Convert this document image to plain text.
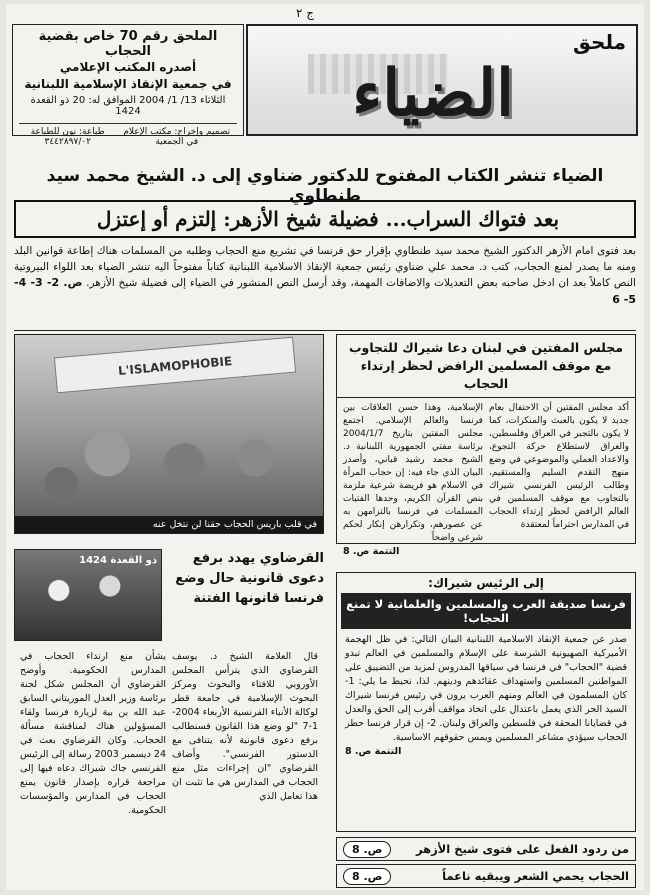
ج ٢
ملحق
الضياء
الملحق رقم 70 خاص بقضية الحجاب
أصدره المكتب الإعلامي
في جمعية الإنقاذ الإسلامية اللبنانية
الثلاثاء 13/ 1/ 2004 الموافق له: 20 ذو القعدة 1424
تصميم وإخراج: مكتب الإعلام في الجمعية
طباعة: نون للطباعة ٣٤٤٢٨٩٧/٠٢
الضياء تنشر الكتاب المفتوح للدكتور ضناوي إلى د. الشيخ محمد سيد طنطاوي
بعد فتواك السراب... فضيلة شيخ الأزهر: إلتزم أو إعتزل
بعد فتوى امام الأزهر الدكتور الشيخ محمد سيد طنطاوي بإقرار حق فرنسا في تشريع منع الحجاب وطلبه من المسلمات هناك إطاعة قوانين البلد ومنه ما يصدر لمنع الحجاب، كتب د. محمد علي ضناوي رئيس جمعية الإنقاذ الاسلامية اللبنانية كتاباً مفتوحاً اليه تنشر الضياء بعد اللواء البيروتية النص كاملاً بعد ان ادخل صاحبه بعض التعديلات والاضافات المهمة، وقد أرسل النص المنشور في الضياء إلى فضيلة شيخ الأزهر. ص. 2- 3- 4- 5- 6
L'ISLAMOPHOBIE
في قلب باريس الحجاب حقنا لن نتخل عنه
مجلس المفتين في لبنان دعا شيراك للتجاوب مع موقف المسلمين الرافض لحظر إرتداء الحجاب
أكد مجلس المفتين أن الاحتفال بعام جديد لا يكون بالعبث والمنكرات، كما لا يكون بالتجبر في العراق وفلسطين، والعراق لاستطلاع حركة التجوع، والاعداد العملي والموضوعي في وضع منهج التقدم السليم والمستقيم، وطالب الرئيس الفرنسي شيراك بالتجاوب مع موقف المسلمين في العالم الرافض لحظر إرتداء الحجاب في المدارس احتراماً لمعتقدة
الإسلامية، وهذا حسن العلاقات بين فرنسا والعالم الإسلامي. اجتمع مجلس المفتين بتاريخ 2004/1/7 برئاسة مفتي الجمهورية اللبنانية د. الشيخ محمد رشيد قباني، وأصدر البيان الذي جاء فيه: إن حجاب المرأة في الاسلام هو فريضة شرعية ملزمة بنص القرآن الكريم، وحدها الفتيات المسلمات في فرنسا بالتزامهن به عن عصورهم، وتكرارهن إنكار لحكم شرعي واضحاً
التتمة ص. 8
ذو القعدة 1424	القرضاوي يهدد برفع دعوى قانونية حال وضع فرنسا قانونها الفتنة
قال العلامة الشيخ د. يوسف القرضاوي الذي يترأس المجلس الأوروبي للافتاء والبحوث ومركز البحوث الإسلامية في جامعة قطر لوكالة الأنباء الفرنسية الأربعاء 2004-1-7 "لو وضع هذا القانون فسنطالب برفع دعوى قانونية لأنه يتنافى مع الدستور الفرنسي". وأضاف القرضاوي "ان إجراءات مثل منع الحجاب في المدارس هي ما تثبت ان هذا تعامل الذي
يشأن منع ارتداء الحجاب في المدارس الحكومية. وأوضح القرضاوي أن المجلس شكل لجنة برئاسة وزير العدل الموريتاني السابق عبد الله بن بية لزيارة فرنسا ولقاء المسؤولين هناك لمناقشة مسألة الحجاب. وكان القرضاوي بعث في 24 ديسمبر 2003 رسالة إلى الرئيس الفرنسي جاك شيراك دعاه فيها إلى مراجعة قراره بإصدار قانون يمنع الحجاب في المدارس والمؤسسات الحكومية.
إلى الرئيس شيراك:
فرنسا صديقة العرب والمسلمين والعلمانية لا تمنع الحجاب!
صدر عن جمعية الإنقاذ الاسلامية اللبنانية البيان التالي: في ظل الهجمة الأميركية الصهيونية الشرسة على الإسلام والمسلمين في العالم تبدو قضية "الحجاب" في فرنسا في سياقها المدروس لمزيد من التضييق على المواطنين المسلمين واستهداف عقائدهم ودينهم. لذا، نحيط ما يلي: 1- كان المسلمون في العالم ومنهم العرب يرون في رئيس فرنسا شيراك السيد الحر الذي يعمل باعتدال على اتخاذ مواقف أقرب إلى الحق والعدل في قضايانا المحقة في فلسطين والعراق ولبنان. 2- إن قرار فرنسا حظر الحجاب سيؤذي مشاعر المسلمين ويمس حقوقهم الاساسية.
التتمة ص. 8
من ردود الفعل على فتوى شيخ الأزهر
ص. 8
الحجاب يحمي الشعر ويبقيه ناعماً
ص. 8
